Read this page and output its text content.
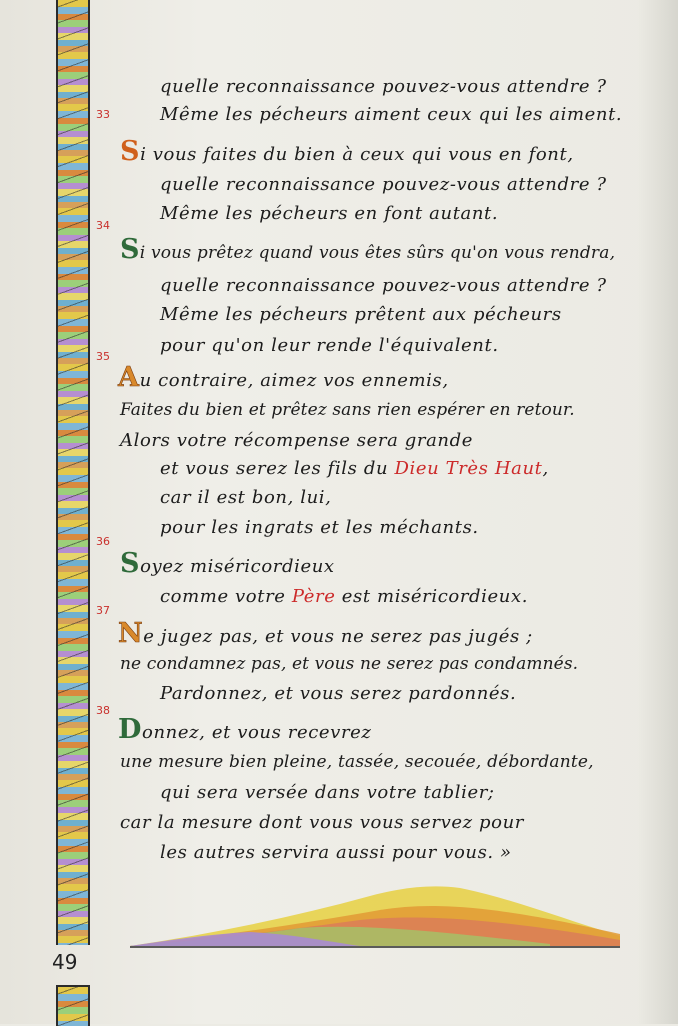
quelle reconnaissance pouvez-vous attendre ?
Même les pécheurs aiment ceux qui les aiment.
33
Si vous faites du bien à ceux qui vous en font,
quelle reconnaissance pouvez-vous attendre ?
Même les pécheurs en font autant.
34
Si vous prêtez quand vous êtes sûrs qu'on vous rendra,
quelle reconnaissance pouvez-vous attendre ?
Même les pécheurs prêtent aux pécheurs
pour qu'on leur rende l'équivalent.
35
Au contraire, aimez vos ennemis,
Faites du bien et prêtez sans rien espérer en retour.
Alors votre récompense sera grande
et vous serez les fils du Dieu Très Haut,
car il est bon, lui,
pour les ingrats et les méchants.
36
Soyez miséricordieux
comme votre Père est miséricordieux.
37
Ne jugez pas, et vous ne serez pas jugés ;
ne condamnez pas, et vous ne serez pas condamnés.
Pardonnez, et vous serez pardonnés.
38
Donnez, et vous recevrez
une mesure bien pleine, tassée, secouée, débordante,
qui sera versée dans votre tablier;
car la mesure dont vous vous servez pour
les autres servira aussi pour vous. »
49
